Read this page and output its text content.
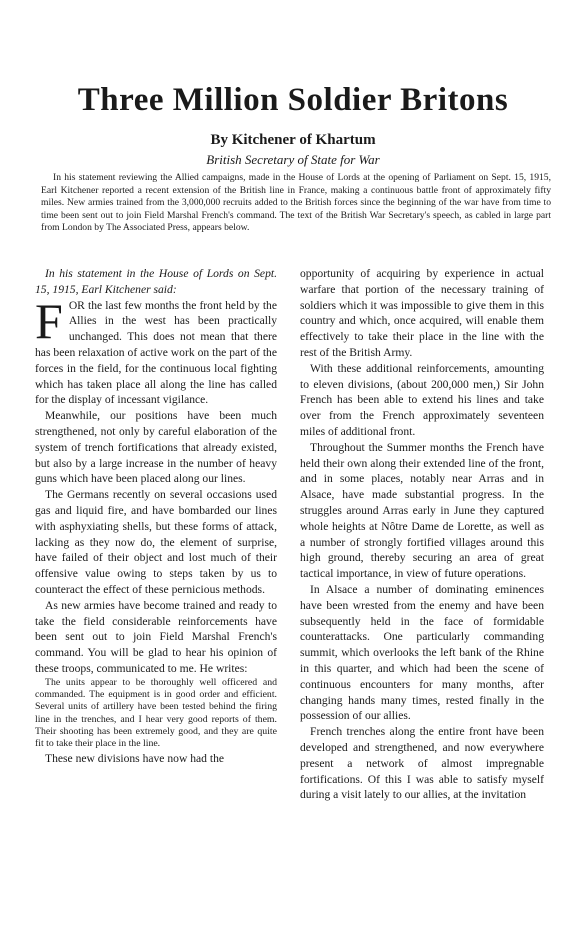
Three Million Soldier Britons
By Kitchener of Khartum
British Secretary of State for War

In his statement reviewing the Allied campaigns, made in the House of Lords at the opening of Parliament on Sept. 15, 1915, Earl Kitchener reported a recent extension of the British line in France, making a continuous battle front of approximately fifty miles. New armies trained from the 3,000,000 recruits added to the British forces since the beginning of the war have from time to time been sent out to join Field Marshal French's command. The text of the British War Secretary's speech, as cabled in large part from London by The Associated Press, appears below.

In his statement in the House of Lords on Sept. 15, 1915, Earl Kitchener said:

FOR the last few months the front held by the Allies in the west has been practically unchanged. This does not mean that there has been relaxation of active work on the part of the forces in the field, for the continuous local fighting which has taken place all along the line has called for the display of incessant vigilance.

Meanwhile, our positions have been much strengthened, not only by careful elaboration of the system of trench fortifications that already existed, but also by a large increase in the number of heavy guns which have been placed along our lines.

The Germans recently on several occasions used gas and liquid fire, and have bombarded our lines with asphyxiating shells, but these forms of attack, lacking as they now do, the element of surprise, have failed of their object and lost much of their offensive value owing to steps taken by us to counteract the effect of these pernicious methods.

As new armies have become trained and ready to take the field considerable reinforcements have been sent out to join Field Marshal French's command. You will be glad to hear his opinion of these troops, communicated to me. He writes:

The units appear to be thoroughly well officered and commanded. The equipment is in good order and efficient. Several units of artillery have been tested behind the firing line in the trenches, and I hear very good reports of them. Their shooting has been extremely good, and they are quite fit to take their place in the line.

These new divisions have now had the

opportunity of acquiring by experience in actual warfare that portion of the necessary training of soldiers which it was impossible to give them in this country and which, once acquired, will enable them effectively to take their place in the line with the rest of the British Army.

With these additional reinforcements, amounting to eleven divisions, (about 200,000 men,) Sir John French has been able to extend his lines and take over from the French approximately seventeen miles of additional front.

Throughout the Summer months the French have held their own along their extended line of the front, and in some places, notably near Arras and in Alsace, have made substantial progress. In the struggles around Arras early in June they captured whole heights at Nôtre Dame de Lorette, as well as a number of strongly fortified villages around this high ground, thereby securing an area of great tactical importance, in view of future operations.

In Alsace a number of dominating eminences have been wrested from the enemy and have been subsequently held in the face of formidable counterattacks. One particularly commanding summit, which overlooks the left bank of the Rhine in this quarter, and which had been the scene of continuous encounters for many months, after changing hands many times, rested finally in the possession of our allies.

French trenches along the entire front have been developed and strengthened, and now everywhere present a network of almost impregnable fortifications. Of this I was able to satisfy myself during a visit lately to our allies, at the invitation
